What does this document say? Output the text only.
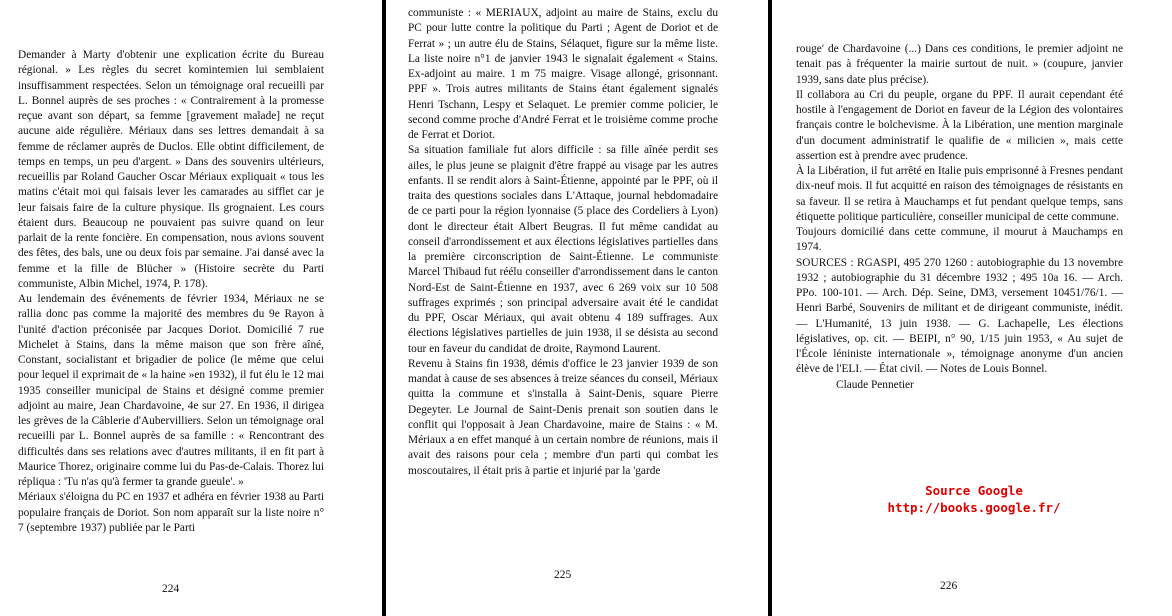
Demander à Marty d'obtenir une explication écrite du Bureau régional. » Les règles du secret komintemien lui semblaient insuffisamment respectées. Selon un témoignage oral recueilli par L. Bonnel auprès de ses proches : « Contrairement à la promesse reçue avant son départ, sa femme [gravement malade] ne reçut aucune aide régulière. Mériaux dans ses lettres demandait à sa femme de réclamer auprès de Duclos. Elle obtint difficilement, de temps en temps, un peu d'argent. » Dans des souvenirs ultérieurs, recueillis par Roland Gaucher Oscar Mériaux expliquait « tous les matins c'était moi qui faisais lever les camarades au sifflet car je leur faisais faire de la culture physique. Ils grognaient. Les cours étaient durs. Beaucoup ne pouvaient pas suivre quand on leur parlait de la rente foncière. En compensation, nous avions souvent des fêtes, des bals, une ou deux fois par semaine. J'ai dansé avec la femme et la fille de Blücher » (Histoire secrète du Parti communiste, Albin Michel, 1974, P. 178).

Au lendemain des événements de février 1934, Mériaux ne se rallia donc pas comme la majorité des membres du 9e Rayon à l'unité d'action préconisée par Jacques Doriot. Domicilié 7 rue Michelet à Stains, dans la même maison que son frère aîné, Constant, socialistant et brigadier de police (le même que celui pour lequel il exprimait de « la haine »en 1932), il fut élu le 12 mai 1935 conseiller municipal de Stains et désigné comme premier adjoint au maire, Jean Chardavoine, 4e sur 27. En 1936, il dirigea les grèves de la Câblerie d'Aubervilliers. Selon un témoignage oral recueilli par L. Bonnel auprès de sa famille : « Rencontrant des difficultés dans ses relations avec d'autres militants, il en fit part à Maurice Thorez, originaire comme lui du Pas-de-Calais. Thorez lui répliqua : 'Tu n'as qu'à fermer ta grande gueule'. »

Mériaux s'éloigna du PC en 1937 et adhéra en février 1938 au Parti populaire français de Doriot. Son nom apparaît sur la liste noire n° 7 (septembre 1937) publiée par le Parti

224

communiste : « MERIAUX, adjoint au maire de Stains, exclu du PC pour lutte contre la politique du Parti ; Agent de Doriot et de Ferrat » ; un autre élu de Stains, Sélaquet, figure sur la même liste. La liste noire n°1 de janvier 1943 le signalait également « Stains. Ex-adjoint au maire. 1 m 75 maigre. Visage allongé, grisonnant. PPF ». Trois autres militants de Stains étant également signalés Henri Tschann, Lespy et Selaquet. Le premier comme policier, le second comme proche d'André Ferrat et le troisième comme proche de Ferrat et Doriot.

Sa situation familiale fut alors difficile : sa fille aînée perdit ses ailes, le plus jeune se plaignit d'être frappé au visage par les autres enfants. Il se rendit alors à Saint-Étienne, appointé par le PPF, où il traita des questions sociales dans L'Attaque, journal hebdomadaire de ce parti pour la région lyonnaise (5 place des Cordeliers à Lyon) dont le directeur était Albert Beugras. Il fut même candidat au conseil d'arrondissement et aux élections législatives partielles dans la première circonscription de Saint-Étienne. Le communiste Marcel Thibaud fut réélu conseiller d'arrondissement dans le canton Nord-Est de Saint-Étienne en 1937, avec 6 269 voix sur 10 508 suffrages exprimés ; son principal adversaire avait été le candidat du PPF, Oscar Mériaux, qui avait obtenu 4 189 suffrages. Aux élections législatives partielles de juin 1938, il se désista au second tour en faveur du candidat de droite, Raymond Laurent.

Revenu à Stains fin 1938, démis d'office le 23 janvier 1939 de son mandat à cause de ses absences à treize séances du conseil, Mériaux quitta la commune et s'installa à Saint-Denis, square Pierre Degeyter. Le Journal de Saint-Denis prenait son soutien dans le conflit qui l'opposait à Jean Chardavoine, maire de Stains : « M. Mériaux a en effet manqué à un certain nombre de réunions, mais il avait des raisons pour cela ; membre d'un parti qui combat les moscoutaires, il était pris à partie et injurié par la 'garde

225

rouge' de Chardavoine (...) Dans ces conditions, le premier adjoint ne tenait pas à fréquenter la mairie surtout de nuit. » (coupure, janvier 1939, sans date plus précise).

Il collabora au Cri du peuple, organe du PPF. Il aurait cependant été hostile à l'engagement de Doriot en faveur de la Légion des volontaires français contre le bolchevisme. À la Libération, une mention marginale d'un document administratif le qualifie de « milicien », mais cette assertion est à prendre avec prudence.

À la Libération, il fut arrêté en Italie puis emprisonné à Fresnes pendant dix-neuf mois. Il fut acquitté en raison des témoignages de résistants en sa faveur. Il se retira à Mauchamps et fut pendant quelque temps, sans étiquette politique particulière, conseiller municipal de cette commune.

Toujours domicilié dans cette commune, il mourut à Mauchamps en 1974.

SOURCES : RGASPI, 495 270 1260 : autobiographie du 13 novembre 1932 ; autobiographie du 31 décembre 1932 ; 495 10a 16. — Arch. PPo. 100-101. — Arch. Dép. Seine, DM3, versement 10451/76/1. — Henri Barbé, Souvenirs de militant et de dirigeant communiste, inédit. — L'Humanité, 13 juin 1938. — G. Lachapelle, Les élections législatives, op. cit. — BEIPI, n° 90, 1/15 juin 1953, « Au sujet de l'École léniniste internationale », témoignage anonyme d'un ancien élève de l'ELI. — État civil. — Notes de Louis Bonnel.

Claude Pennetier

Source Google
http://books.google.fr/
226
